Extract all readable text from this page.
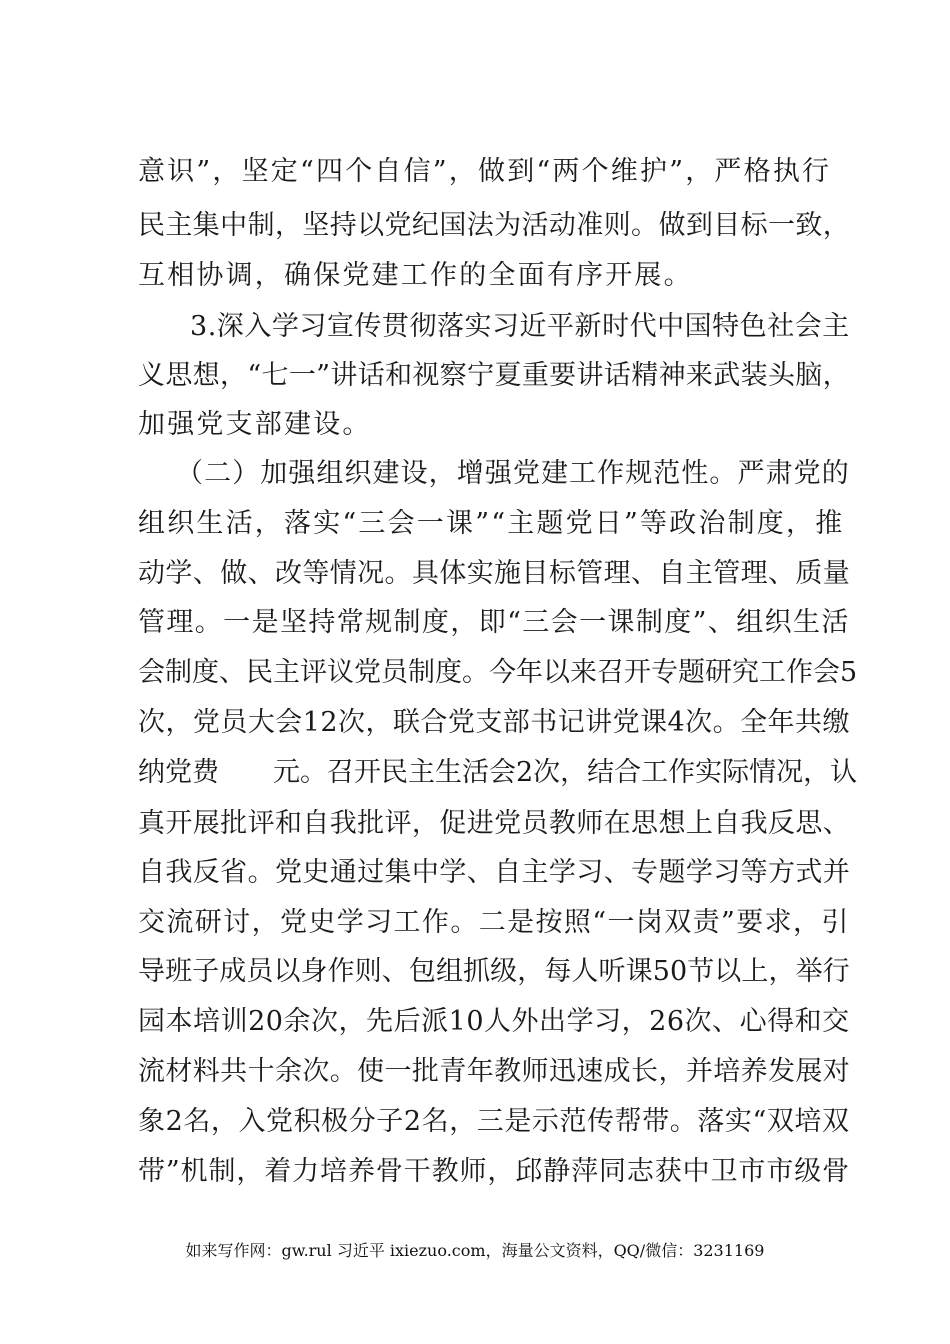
意识”，坚定“四个自信”，做到“两个维护”，严格执行
民主集中制，坚持以党纪国法为活动准则。做到目标一致，
互相协调，确保党建工作的全面有序开展。
3.深入学习宣传贯彻落实习近平新时代中国特色社会主
义思想，“七一”讲话和视察宁夏重要讲话精神来武装头脑，
加强党支部建设。
（二）加强组织建设，增强党建工作规范性。严肃党的
组织生活，落实“三会一课”“主题党日”等政治制度，推
动学、做、改等情况。具体实施目标管理、自主管理、质量
管理。一是坚持常规制度，即“三会一课制度”、组织生活
会制度、民主评议党员制度。今年以来召开专题研究工作会5
次，党员大会12次，联合党支部书记讲党课4次。全年共缴
纳党费　　元。召开民主生活会2次，结合工作实际情况，认
真开展批评和自我批评，促进党员教师在思想上自我反思、
自我反省。党史通过集中学、自主学习、专题学习等方式并
交流研讨，党史学习工作。二是按照“一岗双责”要求，引
导班子成员以身作则、包组抓级，每人听课50节以上，举行
园本培训20余次，先后派10人外出学习，26次、心得和交
流材料共十余次。使一批青年教师迅速成长，并培养发展对
象2名，入党积极分子2名，三是示范传帮带。落实“双培双
带”机制，着力培养骨干教师，邱静萍同志获中卫市市级骨
如来写作网：gw.rul 习近平 ixiezuo.com，海量公文资料，QQ/微信：3231169
